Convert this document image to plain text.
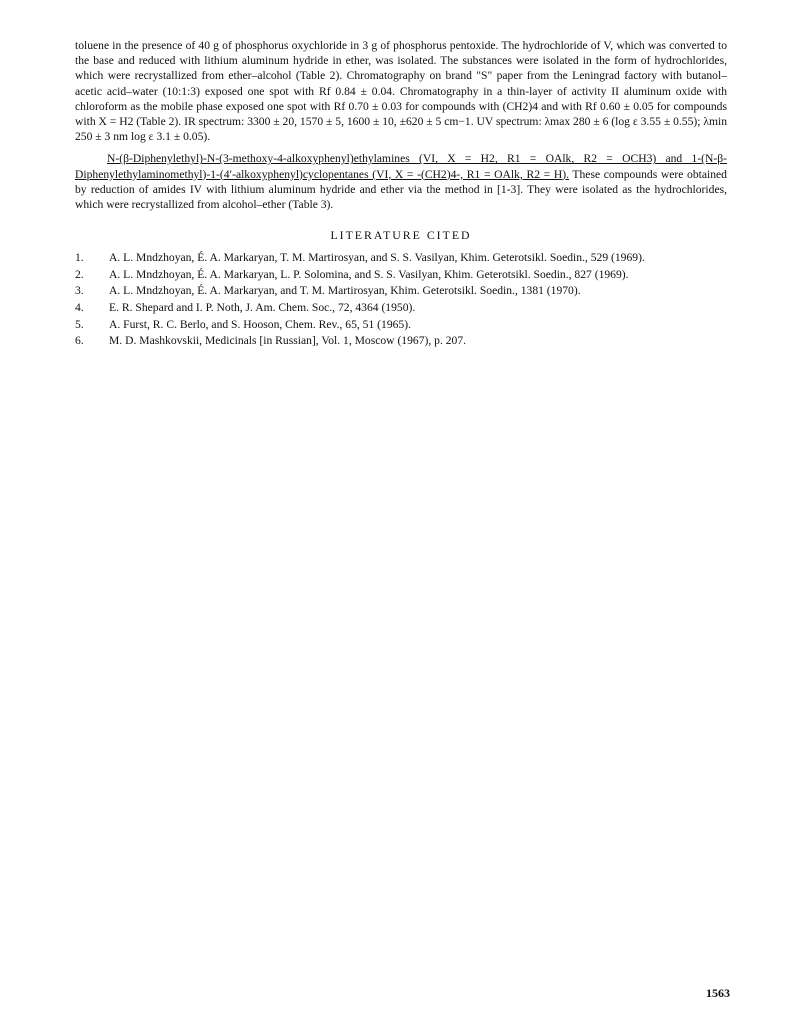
toluene in the presence of 40 g of phosphorus oxychloride in 3 g of phosphorus pentoxide. The hydrochloride of V, which was converted to the base and reduced with lithium aluminum hydride in ether, was isolated. The substances were isolated in the form of hydrochlorides, which were recrystallized from ether–alcohol (Table 2). Chromatography on brand "S" paper from the Leningrad factory with butanol–acetic acid–water (10:1:3) exposed one spot with Rf 0.84 ± 0.04. Chromatography in a thin-layer of activity II aluminum oxide with chloroform as the mobile phase exposed one spot with Rf 0.70 ± 0.03 for compounds with (CH2)4 and with Rf 0.60 ± 0.05 for compounds with X = H2 (Table 2). IR spectrum: 3300 ± 20, 1570 ± 5, 1600 ± 10, ±620 ± 5 cm−1. UV spectrum: λmax 280 ± 6 (log ε 3.55 ± 0.55); λmin 250 ± 3 nm log ε 3.1 ± 0.05).

N-(β-Diphenylethyl)-N-(3-methoxy-4-alkoxyphenyl)ethylamines (VI, X = H2, R1 = OAlk, R2 = OCH3) and 1-(N-β-Diphenylethylaminomethyl)-1-(4′-alkoxyphenyl)cyclopentanes (VI, X = -(CH2)4-, R1 = OAlk, R2 = H). These compounds were obtained by reduction of amides IV with lithium aluminum hydride and ether via the method in [1-3]. They were isolated as the hydrochlorides, which were recrystallized from alcohol–ether (Table 3).

LITERATURE CITED
1.	A. L. Mndzhoyan, É. A. Markaryan, T. M. Martirosyan, and S. S. Vasilyan, Khim. Geterotsikl. Soedin., 529 (1969).
2.	A. L. Mndzhoyan, É. A. Markaryan, L. P. Solomina, and S. S. Vasilyan, Khim. Geterotsikl. Soedin., 827 (1969).
3.	A. L. Mndzhoyan, É. A. Markaryan, and T. M. Martirosyan, Khim. Geterotsikl. Soedin., 1381 (1970).
4.	E. R. Shepard and I. P. Noth, J. Am. Chem. Soc., 72, 4364 (1950).
5.	A. Furst, R. C. Berlo, and S. Hooson, Chem. Rev., 65, 51 (1965).
6.	M. D. Mashkovskii, Medicinals [in Russian], Vol. 1, Moscow (1967), p. 207.
1563
